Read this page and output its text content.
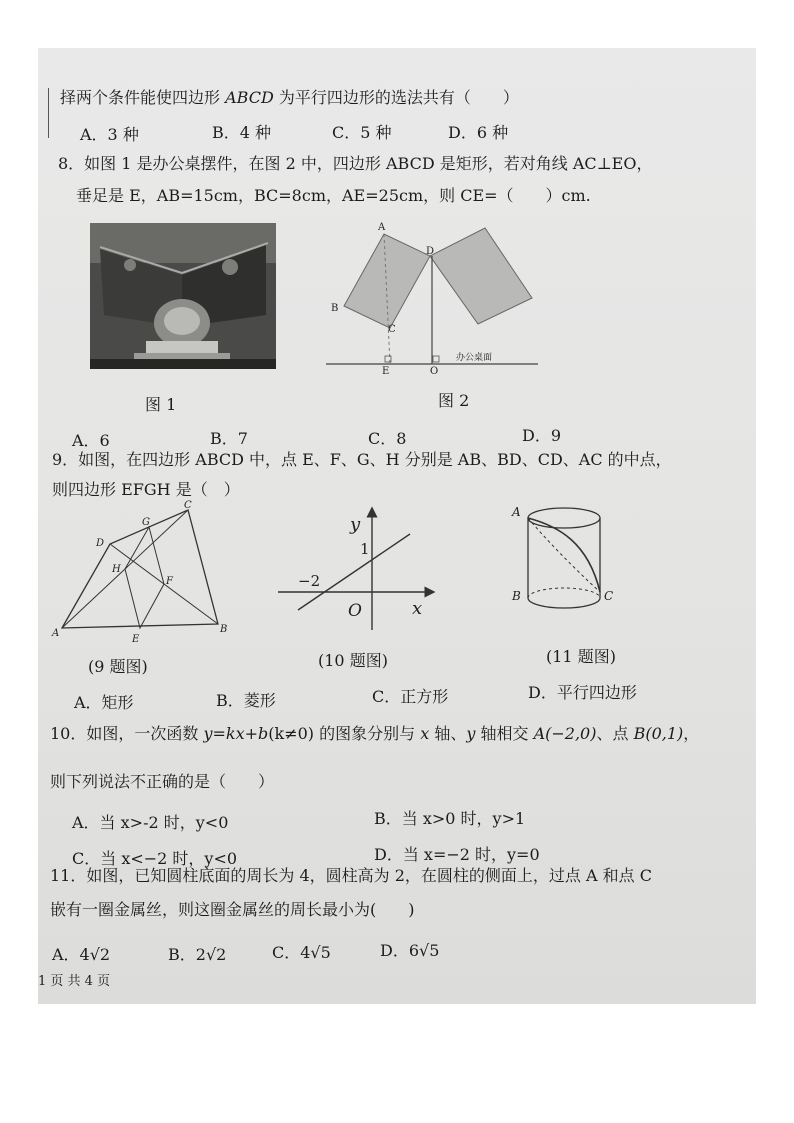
择两个条件能使四边形 ABCD 为平行四边形的选法共有（　　）
A．3 种	B．4 种	C．5 种	D．6 种
8．如图 1 是办公桌摆件，在图 2 中，四边形 ABCD 是矩形，若对角线 AC⊥EO，
垂足是 E，AB=15cm，BC=8cm，AE=25cm，则 CE=（　　）cm.
图 1
A
B
C
D
E	O
办公桌面
图 2
A．6	B．7	C．8	D．9
9．如图，在四边形 ABCD 中，点 E、F、G、H 分别是 AB、BD、CD、AC 的中点，
则四边形 EFGH 是（　）
A	B
C
D
E
F
G
H
(9 题图)
y
x
1
−2
O
(10 题图)
A
B	C
(11 题图)
A．矩形	B．菱形	C．正方形	D．平行四边形
10．如图，一次函数 y=kx+b(k≠0) 的图象分别与 x 轴、y 轴相交 A(−2,0)、点 B(0,1)，
则下列说法不正确的是（　　）
A．当 x>-2 时，y<0	B．当 x>0 时，y>1
C．当 x<−2 时，y<0	D．当 x=−2 时，y=0
11．如图，已知圆柱底面的周长为 4，圆柱高为 2，在圆柱的侧面上，过点 A 和点 C
嵌有一圈金属丝，则这圈金属丝的周长最小为(　　)
A．4√2	B．2√2	C．4√5	D．6√5
1 页 共 4 页
